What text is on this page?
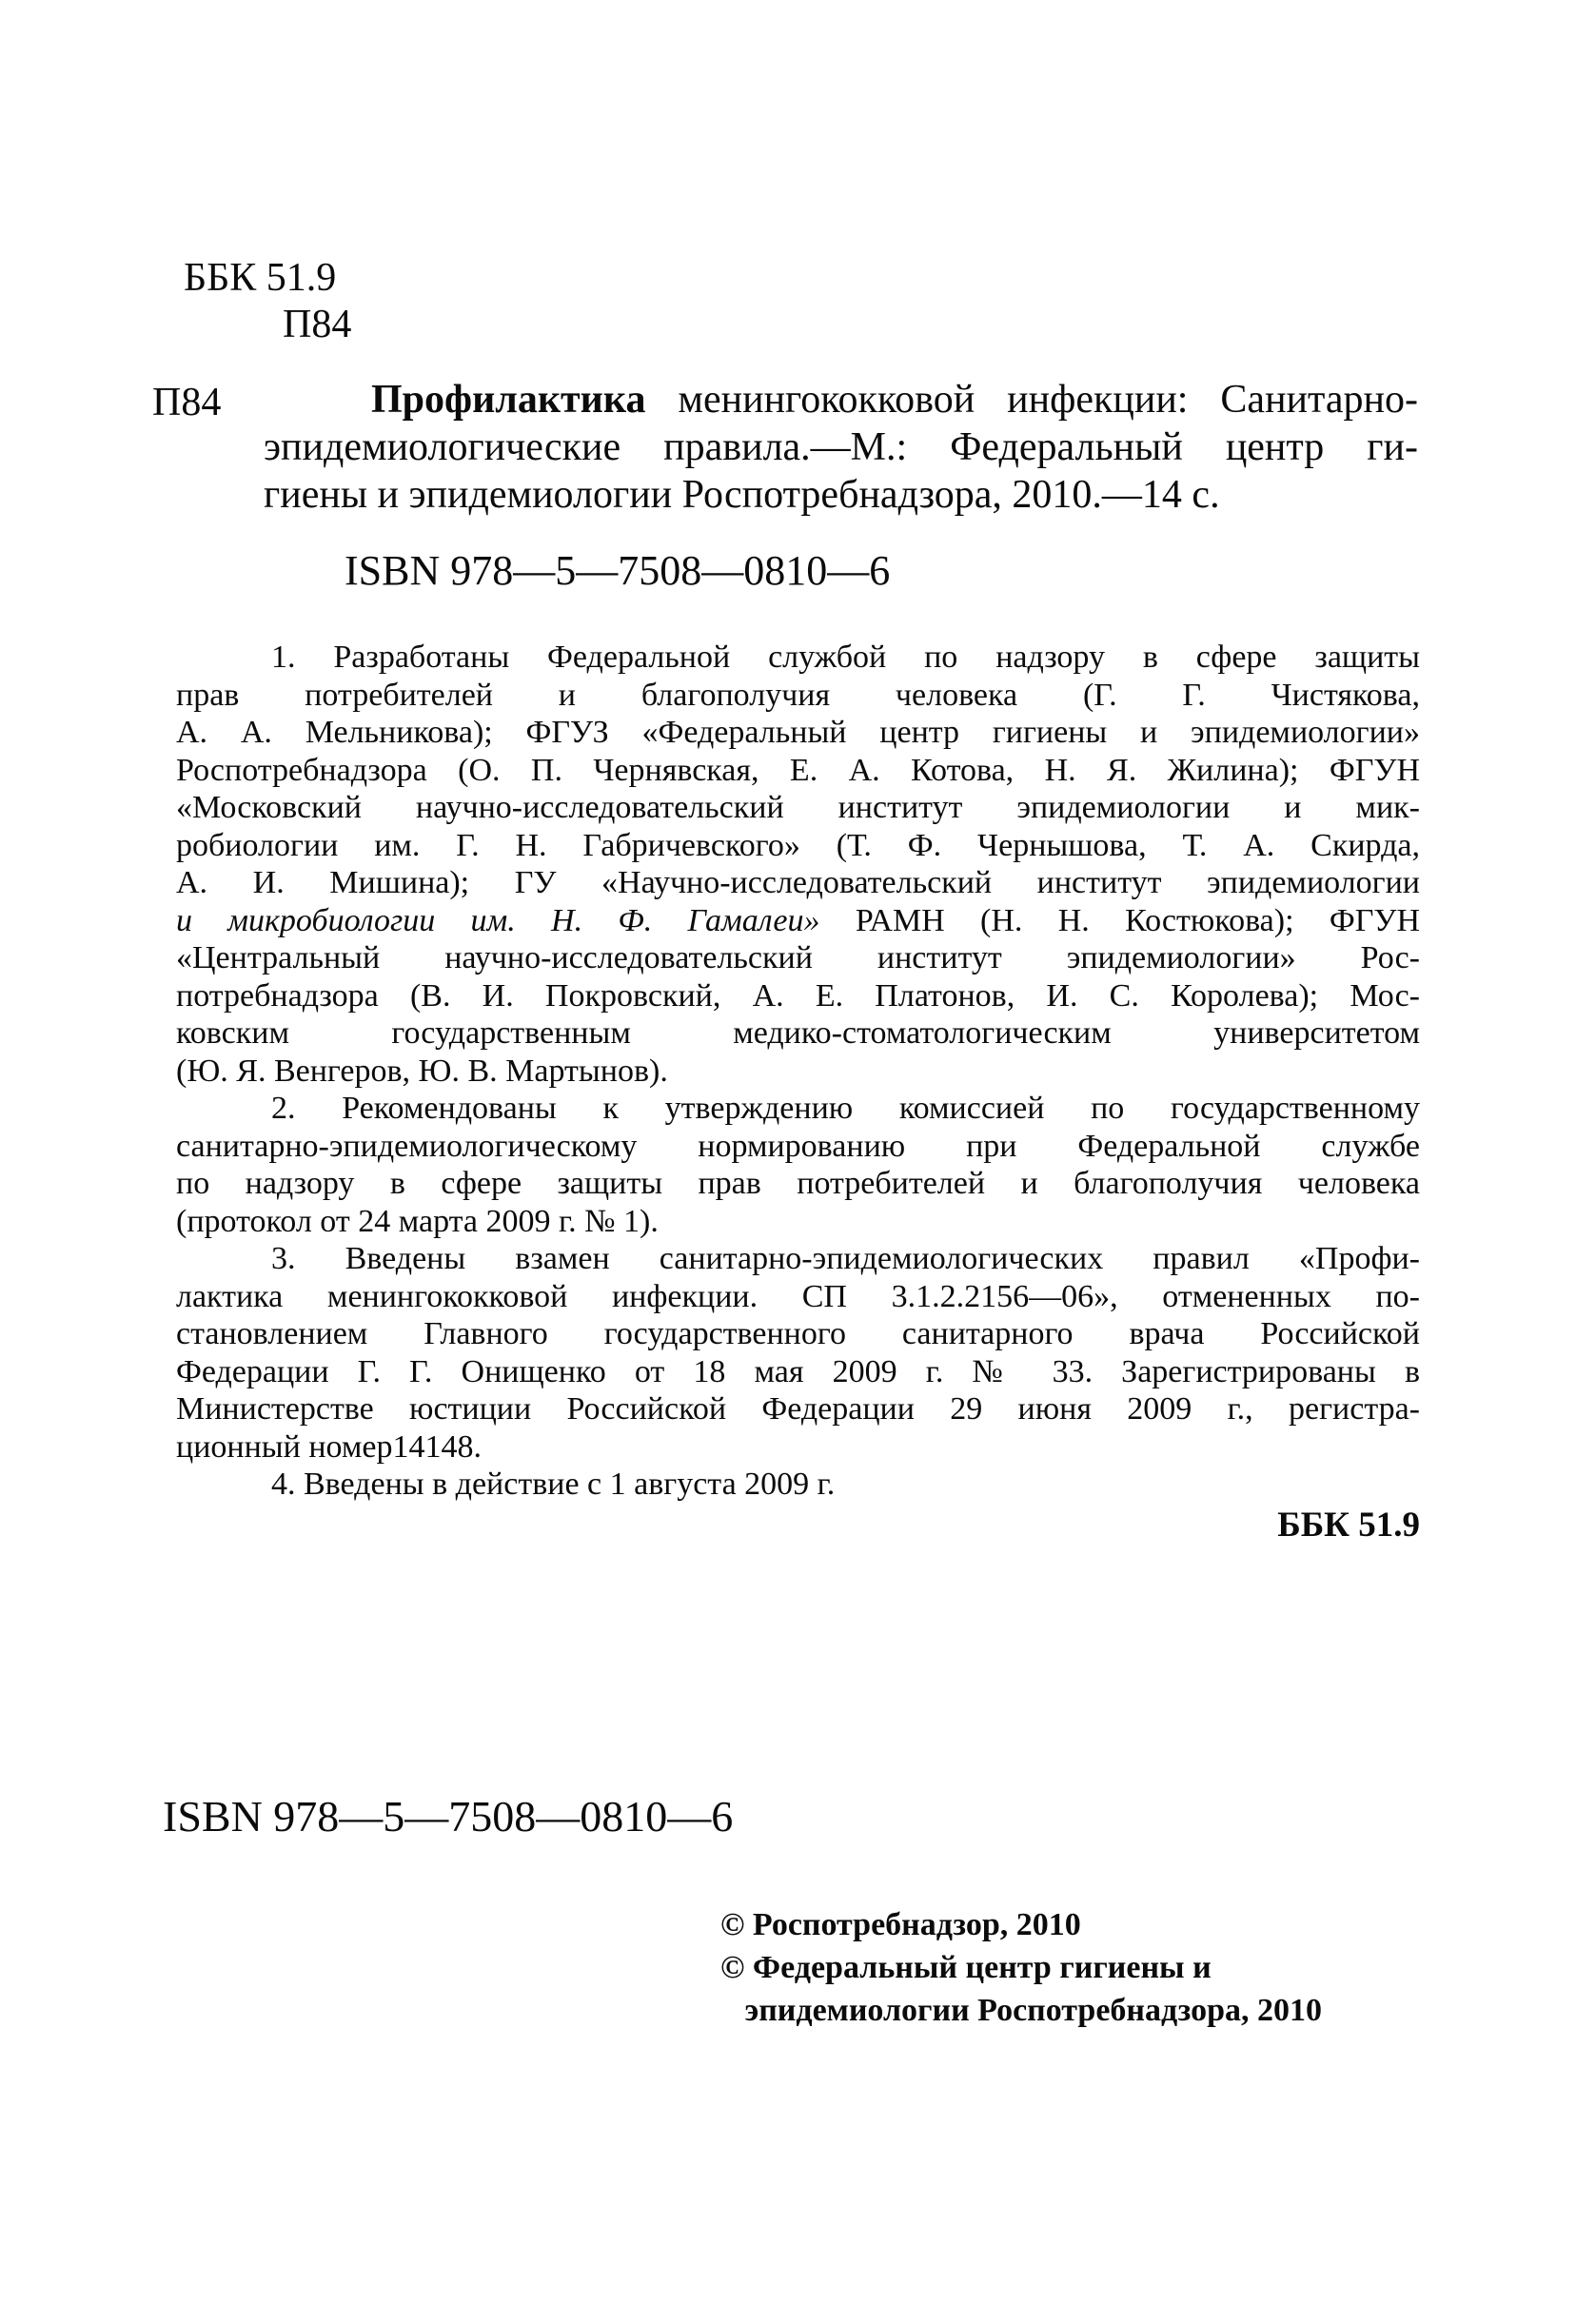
ББК 51.9
П84
П84	Профилактика менингококковой инфекции: Санитарно-
эпидемиологические правила.—М.: Федеральный центр ги-
гиены и эпидемиологии Роспотребнадзора, 2010.—14 с.
ISBN 978—5—7508—0810—6
1. Разработаны Федеральной службой по надзору в сфере защиты
прав потребителей и благополучия человека (Г. Г. Чистякова,
А. А. Мельникова); ФГУЗ «Федеральный центр гигиены и эпидемиологии»
Роспотребнадзора (О. П. Чернявская, Е. А. Котова, Н. Я. Жилина); ФГУН
«Московский научно-исследовательский институт эпидемиологии и мик-
робиологии им. Г. Н. Габричевского» (Т. Ф. Чернышова, Т. А. Скирда,
А. И. Мишина); ГУ «Научно-исследовательский институт эпидемиологии
и микробиологии им. Н. Ф. Гамалеи» РАМН (Н. Н. Костюкова); ФГУН
«Центральный научно-исследовательский институт эпидемиологии» Рос-
потребнадзора (В. И. Покровский, А. Е. Платонов, И. С. Королева); Мос-
ковским государственным медико-стоматологическим университетом
(Ю. Я. Венгеров, Ю. В. Мартынов).
2. Рекомендованы к утверждению комиссией по государственному
санитарно-эпидемиологическому нормированию при Федеральной службе
по надзору в сфере защиты прав потребителей и благополучия человека
(протокол от 24 марта 2009 г. № 1).
3. Введены взамен санитарно-эпидемиологических правил «Профи-
лактика менингококковой инфекции. СП 3.1.2.2156—06», отмененных по-
становлением Главного государственного санитарного врача Российской
Федерации Г. Г. Онищенко от 18 мая 2009 г. № 33. Зарегистрированы в
Министерстве юстиции Российской Федерации 29 июня 2009 г., регистра-
ционный номер14148.
4. Введены в действие с 1 августа 2009 г.
ББК 51.9
ISBN 978—5—7508—0810—6
© Роспотребнадзор, 2010
© Федеральный центр гигиены и
эпидемиологии Роспотребнадзора, 2010
